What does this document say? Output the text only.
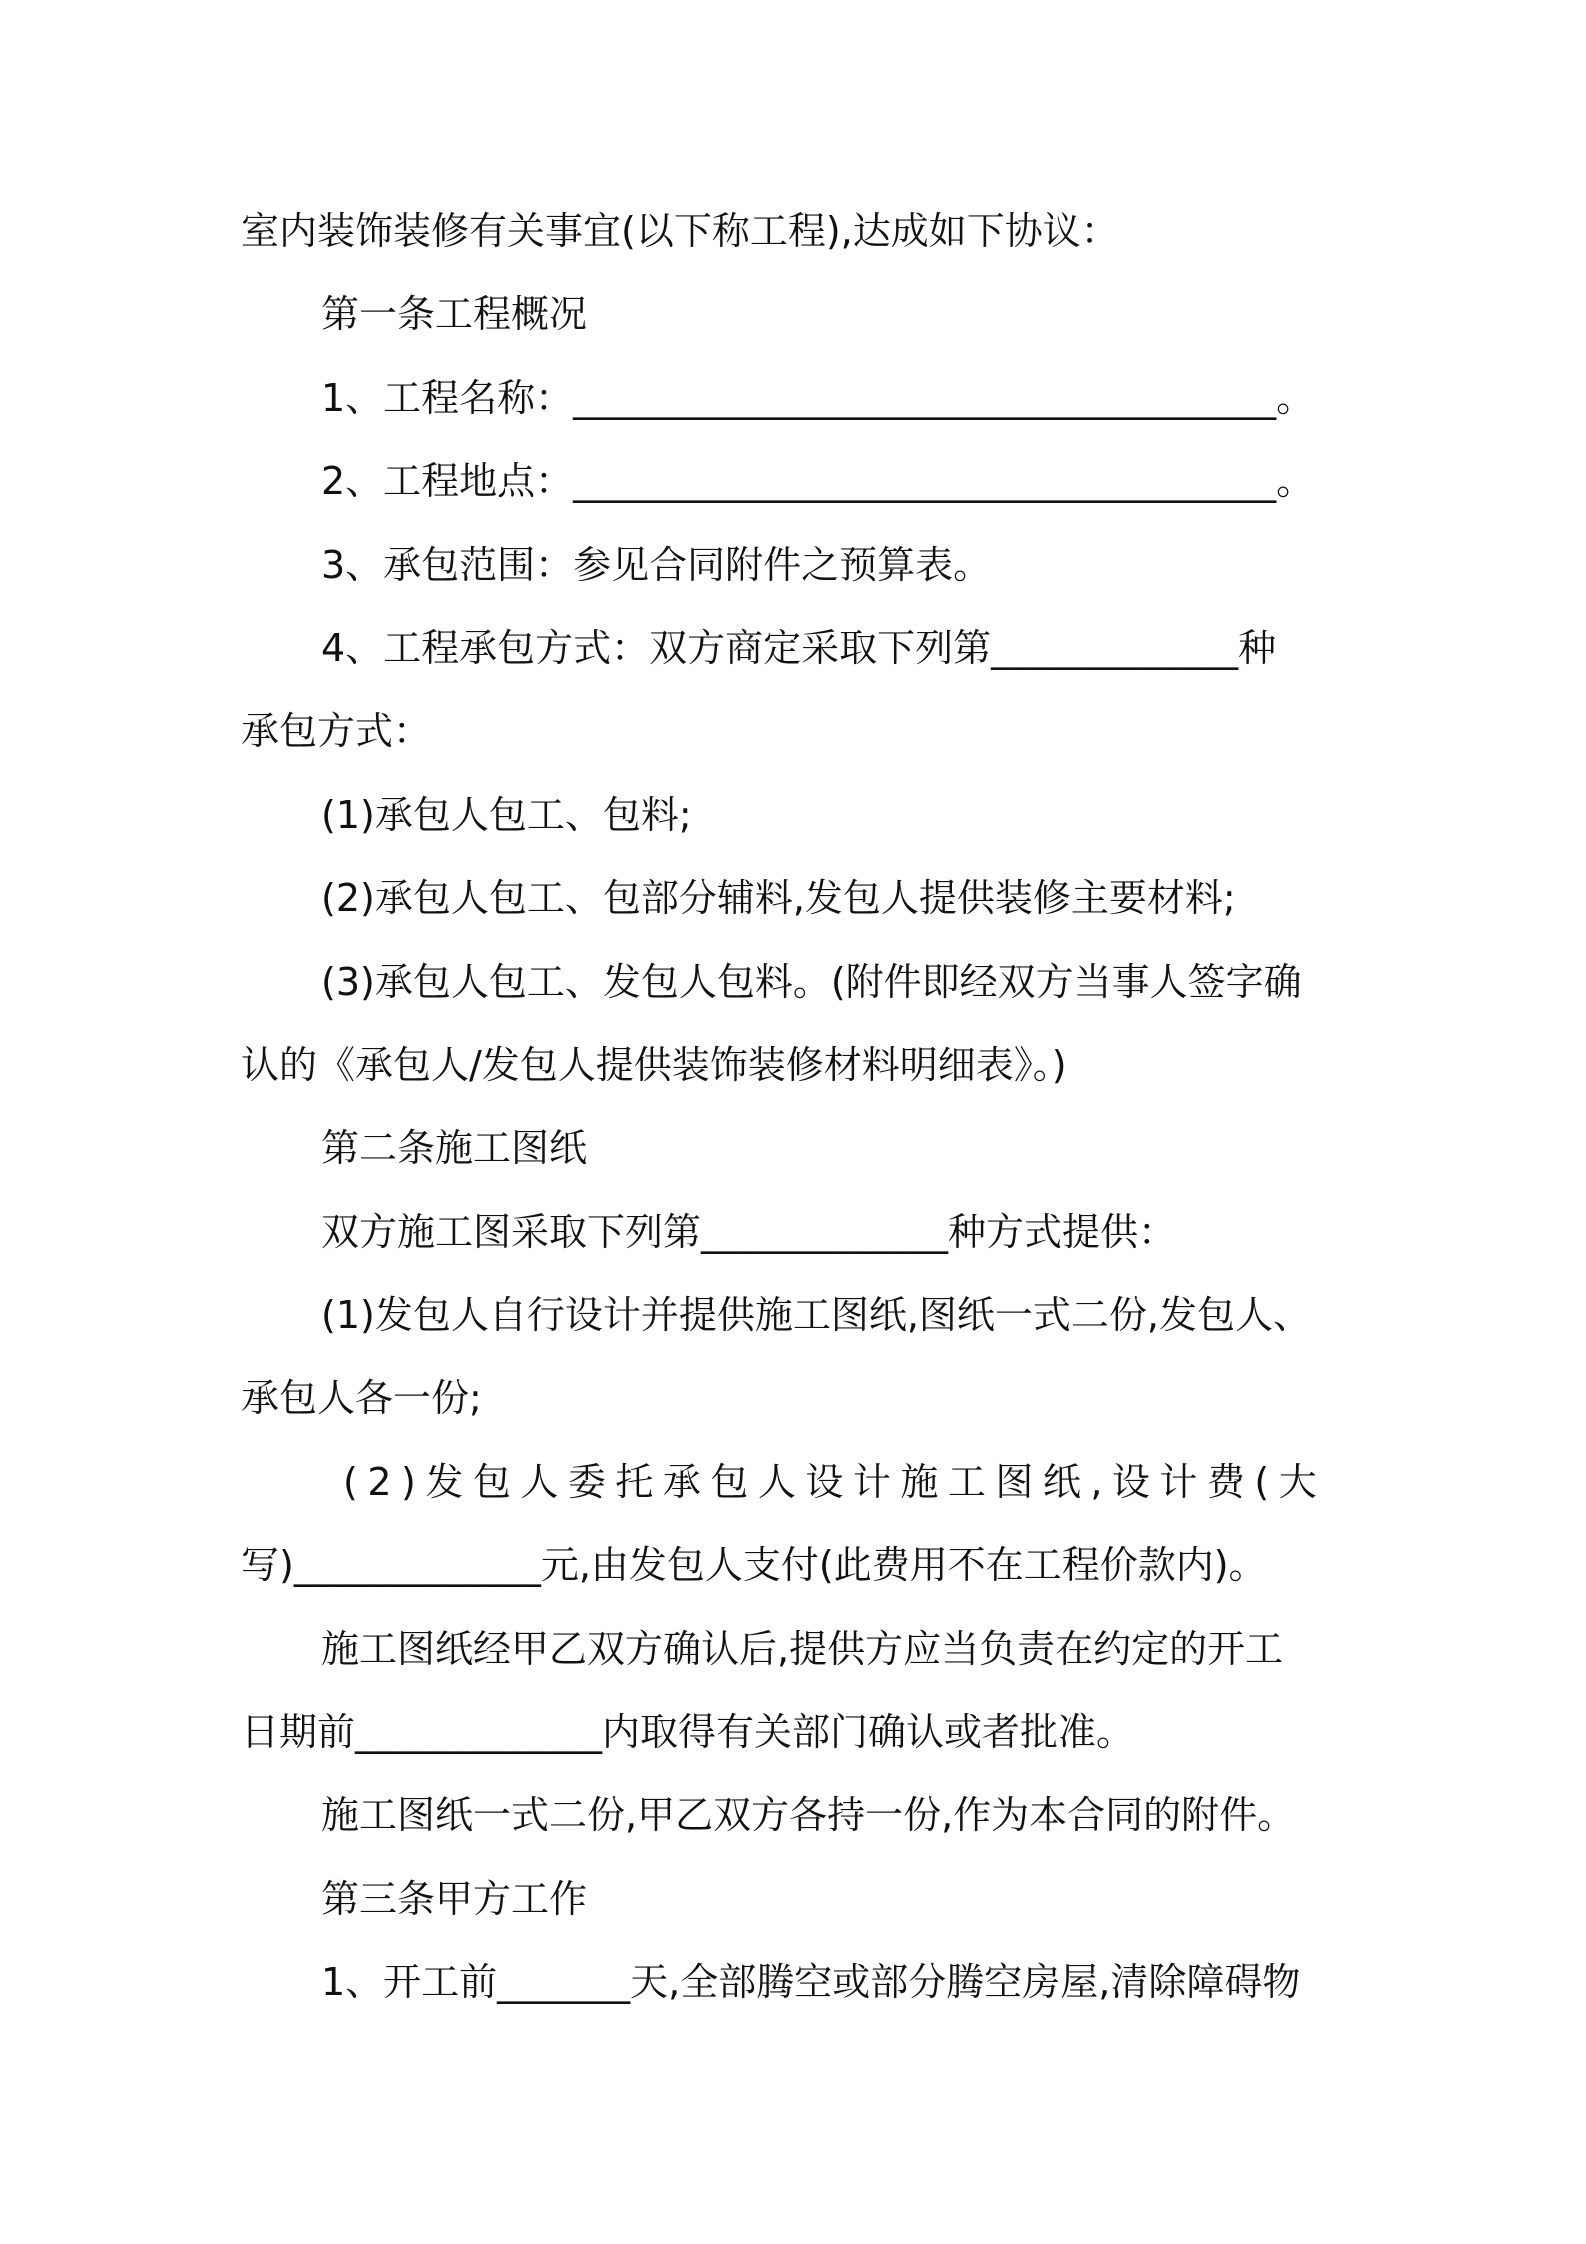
室内装饰装修有关事宜(以下称工程),达成如下协议：
第一条工程概况
1、工程名称：_____________________________________。
2、工程地点：_____________________________________。
3、承包范围：参见合同附件之预算表。
4、工程承包方式：双方商定采取下列第_____________种
承包方式：
(1)承包人包工、包料;
(2)承包人包工、包部分辅料,发包人提供装修主要材料;
(3)承包人包工、发包人包料。(附件即经双方当事人签字确
认的《承包人/发包人提供装饰装修材料明细表》。)
第二条施工图纸
双方施工图采取下列第_____________种方式提供：
(1)发包人自行设计并提供施工图纸,图纸一式二份,发包人、
承包人各一份;
(2)发包人委托承包人设计施工图纸,设计费(大
写)_____________元,由发包人支付(此费用不在工程价款内)。
施工图纸经甲乙双方确认后,提供方应当负责在约定的开工
日期前_____________内取得有关部门确认或者批准。
施工图纸一式二份,甲乙双方各持一份,作为本合同的附件。
第三条甲方工作
1、开工前_______天,全部腾空或部分腾空房屋,清除障碍物
